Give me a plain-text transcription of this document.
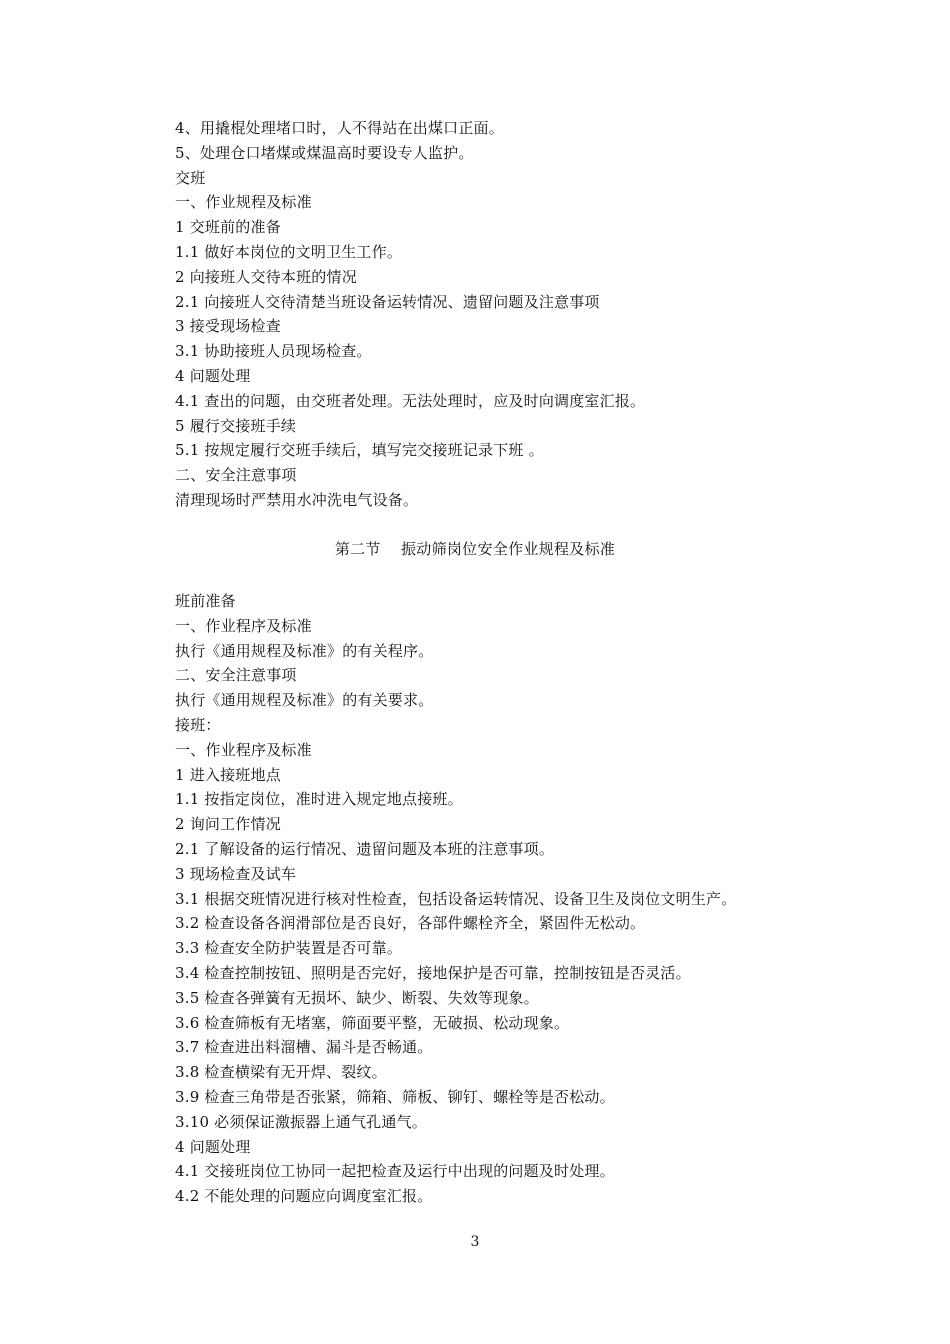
4、用撬棍处理堵口时，人不得站在出煤口正面。
5、处理仓口堵煤或煤温高时要设专人监护。
交班
一、作业规程及标准
1 交班前的准备
1.1 做好本岗位的文明卫生工作。
2 向接班人交待本班的情况
2.1 向接班人交待清楚当班设备运转情况、遗留问题及注意事项
3 接受现场检查
3.1 协助接班人员现场检查。
4 问题处理
4.1 查出的问题，由交班者处理。无法处理时，应及时向调度室汇报。
5 履行交接班手续
5.1 按规定履行交班手续后，填写完交接班记录下班 。
二、安全注意事项
清理现场时严禁用水冲洗电气设备。
第二节    振动筛岗位安全作业规程及标准
班前准备
一、作业程序及标准
执行《通用规程及标准》的有关程序。
二、安全注意事项
执行《通用规程及标准》的有关要求。
接班：
一、作业程序及标准
1 进入接班地点
1.1 按指定岗位，准时进入规定地点接班。
2 询问工作情况
2.1 了解设备的运行情况、遗留问题及本班的注意事项。
3 现场检查及试车
3.1 根据交班情况进行核对性检查，包括设备运转情况、设备卫生及岗位文明生产。
3.2 检查设备各润滑部位是否良好，各部件螺栓齐全，紧固件无松动。
3.3 检查安全防护装置是否可靠。
3.4 检查控制按钮、照明是否完好，接地保护是否可靠，控制按钮是否灵活。
3.5 检查各弹簧有无损坏、缺少、断裂、失效等现象。
3.6 检查筛板有无堵塞，筛面要平整，无破损、松动现象。
3.7 检查进出料溜槽、漏斗是否畅通。
3.8 检查横梁有无开焊、裂纹。
3.9 检查三角带是否张紧，筛箱、筛板、铆钉、螺栓等是否松动。
3.10 必须保证激振器上通气孔通气。
4 问题处理
4.1 交接班岗位工协同一起把检查及运行中出现的问题及时处理。
4.2 不能处理的问题应向调度室汇报。
3
